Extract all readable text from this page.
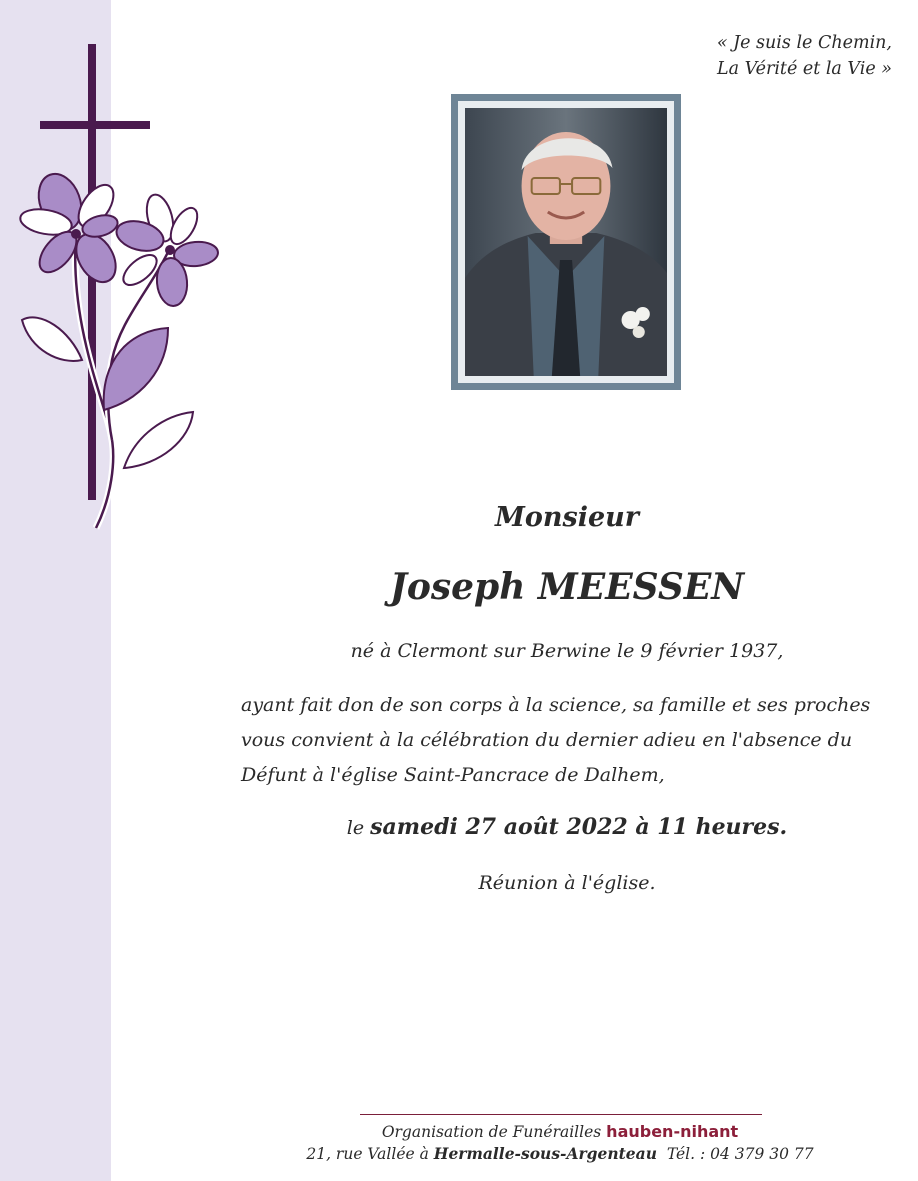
« Je suis le Chemin,
La Vérité et la Vie »
Monsieur
Joseph MEESSEN
né à Clermont sur Berwine le 9 février 1937,
ayant fait don de son corps à la science, sa famille et ses proches
vous convient à la célébration du dernier adieu en l'absence du
Défunt à l'église Saint-Pancrace de Dalhem,
le samedi 27 août 2022 à 11 heures.
Réunion à l'église.
Organisation de Funérailles hauben-nihant
21, rue Vallée à Hermalle-sous-Argenteau Tél. : 04 379 30 77
